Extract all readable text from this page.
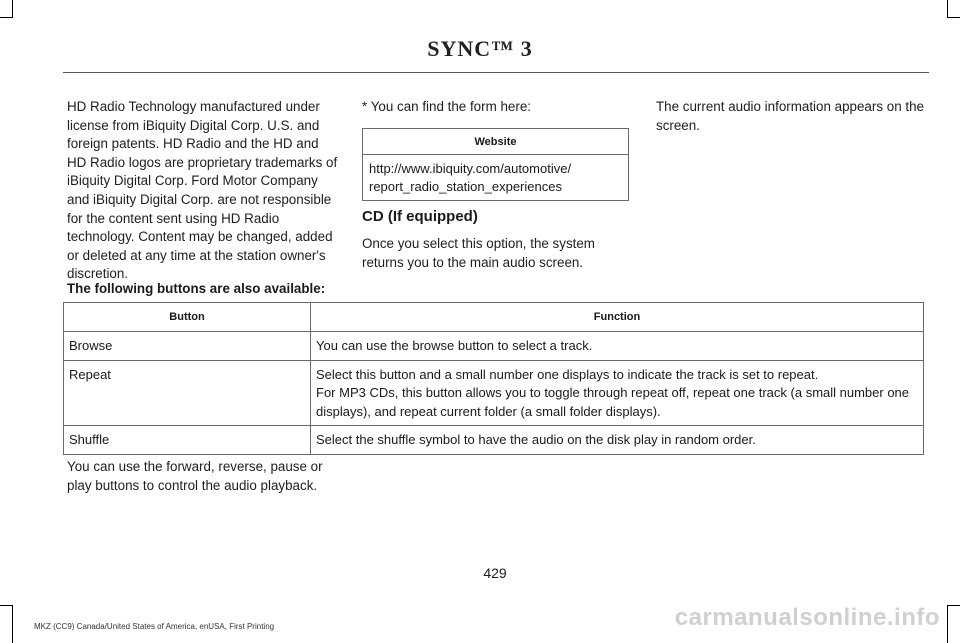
SYNC™ 3
HD Radio Technology manufactured under license from iBiquity Digital Corp. U.S. and foreign patents. HD Radio and the HD and HD Radio logos are proprietary trademarks of iBiquity Digital Corp. Ford Motor Company and iBiquity Digital Corp. are not responsible for the content sent using HD Radio technology. Content may be changed, added or deleted at any time at the station owner's discretion.
* You can find the form here:
Website
http://www.ibiquity.com/automotive/
report_radio_station_experiences
CD (If equipped)
Once you select this option, the system returns you to the main audio screen.
The current audio information appears on the screen.
The following buttons are also available:
Button	Function
Browse	You can use the browse button to select a track.
Repeat	Select this button and a small number one displays to indicate the track is set to repeat.
For MP3 CDs, this button allows you to toggle through repeat off, repeat one track (a small number one displays), and repeat current folder (a small folder displays).

Shuffle	Select the shuffle symbol to have the audio on the disk play in random order.
You can use the forward, reverse, pause or play buttons to control the audio playback.
429
MKZ (CC9) Canada/United States of America, enUSA, First Printing	carmanualsonline.info
